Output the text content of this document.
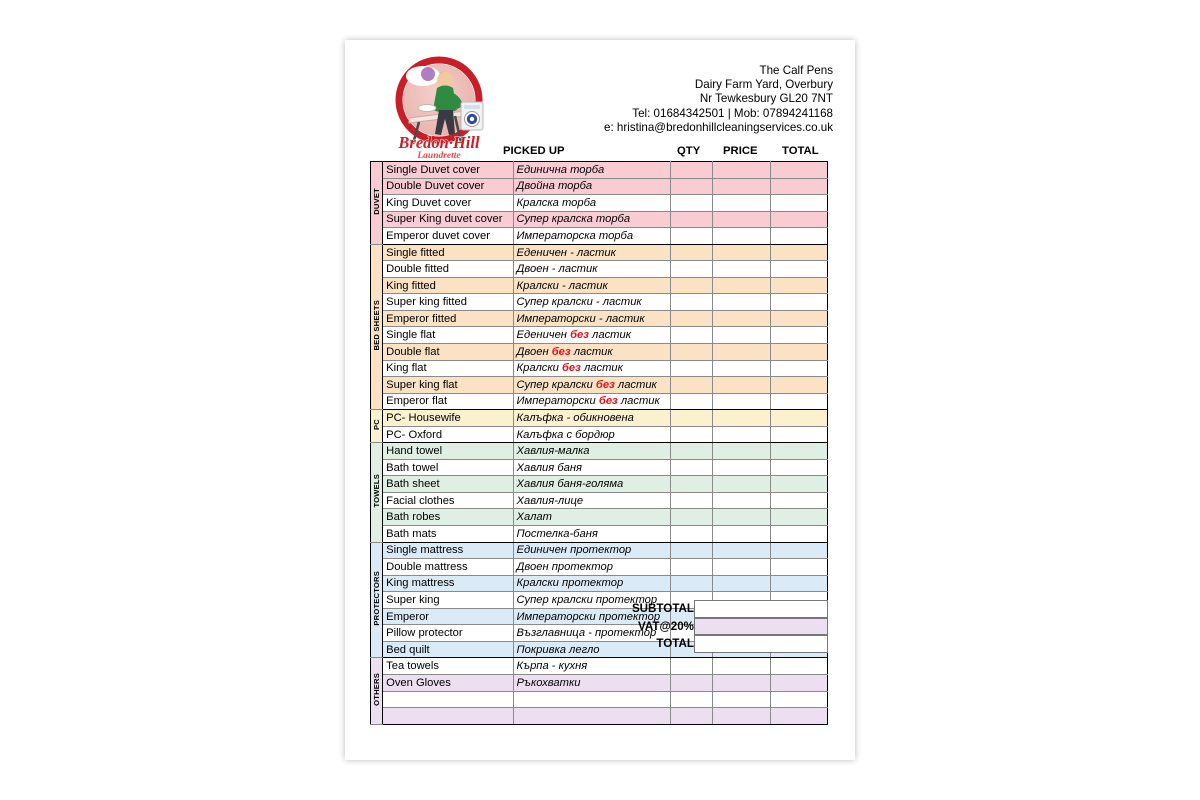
Bredon·Hill
Laundrette
The Calf Pens
Dairy Farm Yard, Overbury
Nr Tewkesbury GL20 7NT
Tel: 01684342501 | Mob: 07894241168
e: hristina@bredonhillcleaningservices.co.uk
PICKED UP	QTY PRICE TOTAL
DUVET	Single Duvet cover	Единична торба			
	Double Duvet cover	Двойна торба			
	King Duvet cover	Кралска торба			
	Super King duvet cover	Супер кралска торба			
	Emperor duvet cover	Императорска торба			
BED SHEETS	Single fitted	Еденичен - ластик			
	Double fitted	Двоен - ластик			
	King fitted	Кралски - ластик			
	Super king fitted	Супер кралски - ластик			
	Emperor fitted	Императорски - ластик			
	Single flat	Еденичен без ластик			
	Double flat	Двоен без ластик			
	King flat	Кралски без ластик			
	Super king flat	Супер кралски без ластик			
	Emperor flat	Императорски без ластик			
PC	PC- Housewife	Калъфка - обикновена			
	PC- Oxford	Калъфка с бордюр			
TOWELS	Hand towel	Хавлия-малка			
	Bath towel	Хавлия баня			
	Bath sheet	Хавлия баня-голяма			
	Facial clothes	Хавлия-лице			
	Bath robes	Халат			
	Bath mats	Постелка-баня			
PROTECTORS	Single mattress	Единичен протектор			
	Double mattress	Двоен протектор			
	King mattress	Кралски протектор			
	Super king	Супер кралски протектор			
	Emperor	Императорски протектор			
	Pillow protector	Възглавница - протектор			
	Bed quilt	Покривка легло			
OTHERS	Tea towels	Кърпа - кухня			
	Oven Gloves	Ръкохватки			

SUBTOTAL
VAT@20%
TOTAL
